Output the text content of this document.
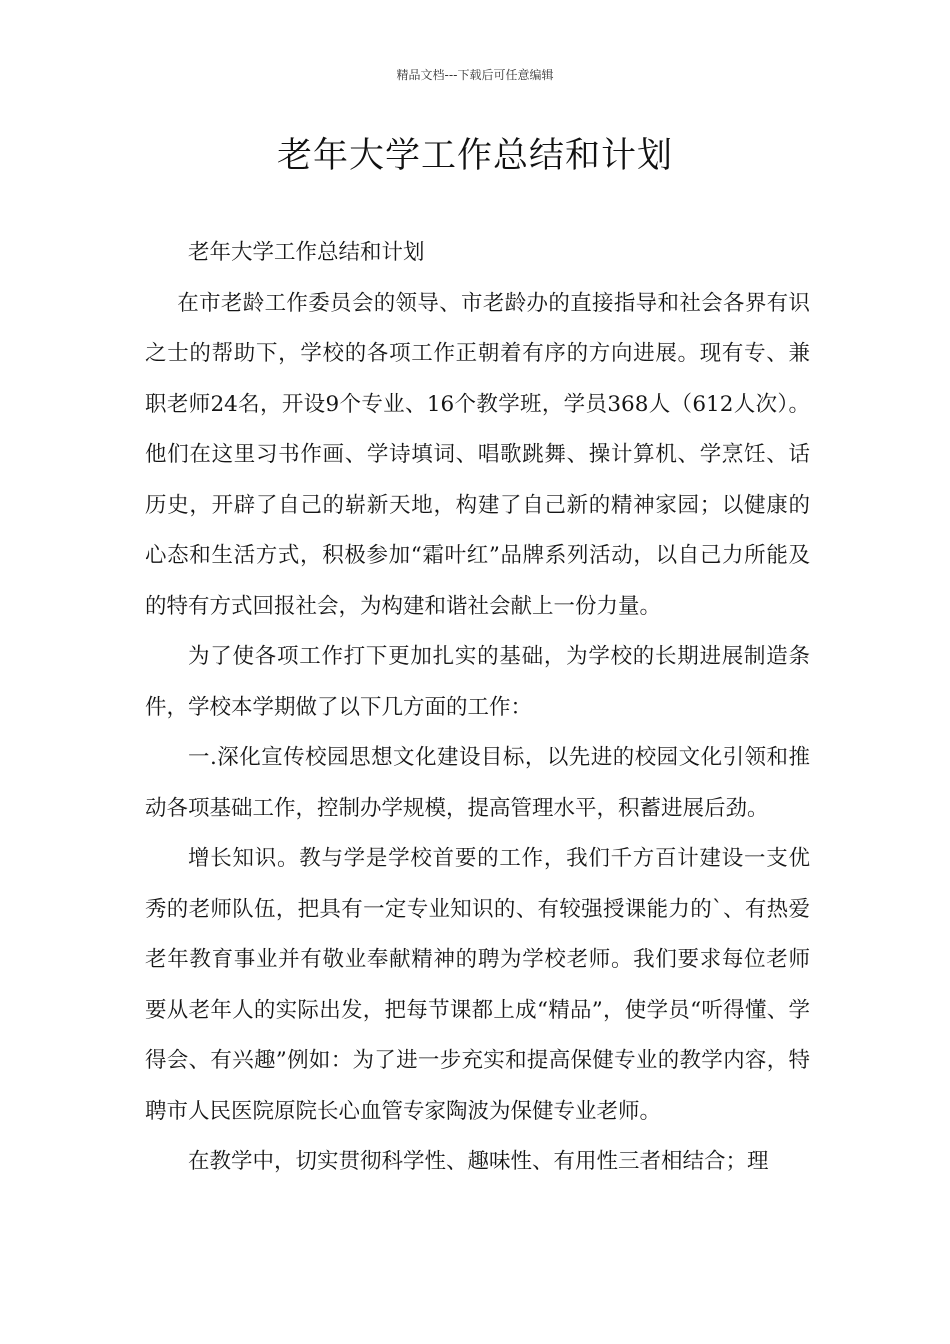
精品文档---下载后可任意编辑
老年大学工作总结和计划

老年大学工作总结和计划

在市老龄工作委员会的领导、市老龄办的直接指导和社会各界有识之士的帮助下，学校的各项工作正朝着有序的方向进展。现有专、兼职老师24名，开设9个专业、16个教学班，学员368人（612人次）。他们在这里习书作画、学诗填词、唱歌跳舞、操计算机、学烹饪、话历史，开辟了自己的崭新天地，构建了自己新的精神家园；以健康的心态和生活方式，积极参加“霜叶红”品牌系列活动，以自己力所能及的特有方式回报社会，为构建和谐社会献上一份力量。

为了使各项工作打下更加扎实的基础，为学校的长期进展制造条件，学校本学期做了以下几方面的工作：

一.深化宣传校园思想文化建设目标，以先进的校园文化引领和推动各项基础工作，控制办学规模，提高管理水平，积蓄进展后劲。

增长知识。教与学是学校首要的工作，我们千方百计建设一支优秀的老师队伍，把具有一定专业知识的、有较强授课能力的`、有热爱老年教育事业并有敬业奉献精神的聘为学校老师。我们要求每位老师要从老年人的实际出发，把每节课都上成“精品”，使学员“听得懂、学得会、有兴趣”例如：为了进一步充实和提高保健专业的教学内容，特聘市人民医院原院长心血管专家陶波为保健专业老师。

在教学中，切实贯彻科学性、趣味性、有用性三者相结合；理
